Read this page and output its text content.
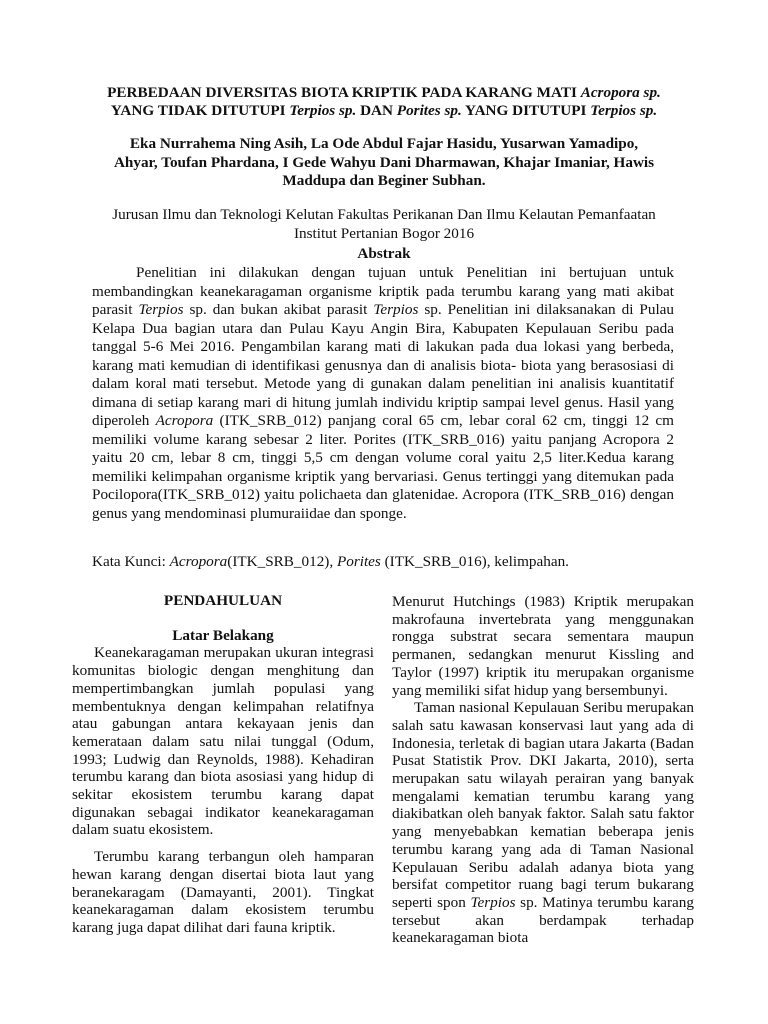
PERBEDAAN DIVERSITAS BIOTA KRIPTIK PADA KARANG MATI Acropora sp.
YANG TIDAK DITUTUPI Terpios sp. DAN Porites sp. YANG DITUTUPI Terpios sp.
Eka Nurrahema Ning Asih, La Ode Abdul Fajar Hasidu, Yusarwan Yamadipo,
Ahyar, Toufan Phardana, I Gede Wahyu Dani Dharmawan, Khajar Imaniar, Hawis
Maddupa dan Beginer Subhan.
Jurusan Ilmu dan Teknologi Kelutan Fakultas Perikanan Dan Ilmu Kelautan Pemanfaatan
Institut Pertanian Bogor 2016
Abstrak
Penelitian ini dilakukan dengan tujuan untuk Penelitian ini bertujuan untuk membandingkan keanekaragaman organisme kriptik pada terumbu karang yang mati akibat parasit Terpios sp. dan bukan akibat parasit Terpios sp. Penelitian ini dilaksanakan di Pulau Kelapa Dua bagian utara dan Pulau Kayu Angin Bira, Kabupaten Kepulauan Seribu pada tanggal 5-6 Mei 2016. Pengambilan karang mati di lakukan pada dua lokasi yang berbeda, karang mati kemudian di identifikasi genusnya dan di analisis biota- biota yang berasosiasi di dalam koral mati tersebut. Metode yang di gunakan dalam penelitian ini analisis kuantitatif dimana di setiap karang mari di hitung jumlah individu kriptip sampai level genus. Hasil yang diperoleh Acropora (ITK_SRB_012) panjang coral 65 cm, lebar coral 62 cm, tinggi 12 cm memiliki volume karang sebesar 2 liter. Porites (ITK_SRB_016) yaitu panjang Acropora 2 yaitu 20 cm, lebar 8 cm, tinggi 5,5 cm dengan volume coral yaitu 2,5 liter.Kedua karang memiliki kelimpahan organisme kriptik yang bervariasi. Genus tertinggi yang ditemukan pada Pocilopora(ITK_SRB_012) yaitu polichaeta dan glatenidae. Acropora (ITK_SRB_016) dengan genus yang mendominasi plumuraiidae dan sponge.
Kata Kunci: Acropora(ITK_SRB_012), Porites (ITK_SRB_016), kelimpahan.
PENDAHULUAN
Latar Belakang

Keanekaragaman merupakan ukuran integrasi komunitas biologic dengan menghitung dan mempertimbangkan jumlah populasi yang membentuknya dengan kelimpahan relatifnya atau gabungan antara kekayaan jenis dan kemerataan dalam satu nilai tunggal (Odum, 1993; Ludwig dan Reynolds, 1988). Kehadiran terumbu karang dan biota asosiasi yang hidup di sekitar ekosistem terumbu karang dapat digunakan sebagai indikator keanekaragaman dalam suatu ekosistem.

Terumbu karang terbangun oleh hamparan hewan karang dengan disertai biota laut yang beranekaragam (Damayanti, 2001). Tingkat keanekaragaman dalam ekosistem terumbu karang juga dapat dilihat dari fauna kriptik.

Menurut Hutchings (1983) Kriptik merupakan makrofauna invertebrata yang menggunakan rongga substrat secara sementara maupun permanen, sedangkan menurut Kissling and Taylor (1997) kriptik itu merupakan organisme yang memiliki sifat hidup yang bersembunyi.

Taman nasional Kepulauan Seribu merupakan salah satu kawasan konservasi laut yang ada di Indonesia, terletak di bagian utara Jakarta (Badan Pusat Statistik Prov. DKI Jakarta, 2010), serta merupakan satu wilayah perairan yang banyak mengalami kematian terumbu karang yang diakibatkan oleh banyak faktor. Salah satu faktor yang menyebabkan kematian beberapa jenis terumbu karang yang ada di Taman Nasional Kepulauan Seribu adalah adanya biota yang bersifat competitor ruang bagi terum bukarang seperti spon Terpios sp. Matinya terumbu karang tersebut akan berdampak terhadap keanekaragaman biota
